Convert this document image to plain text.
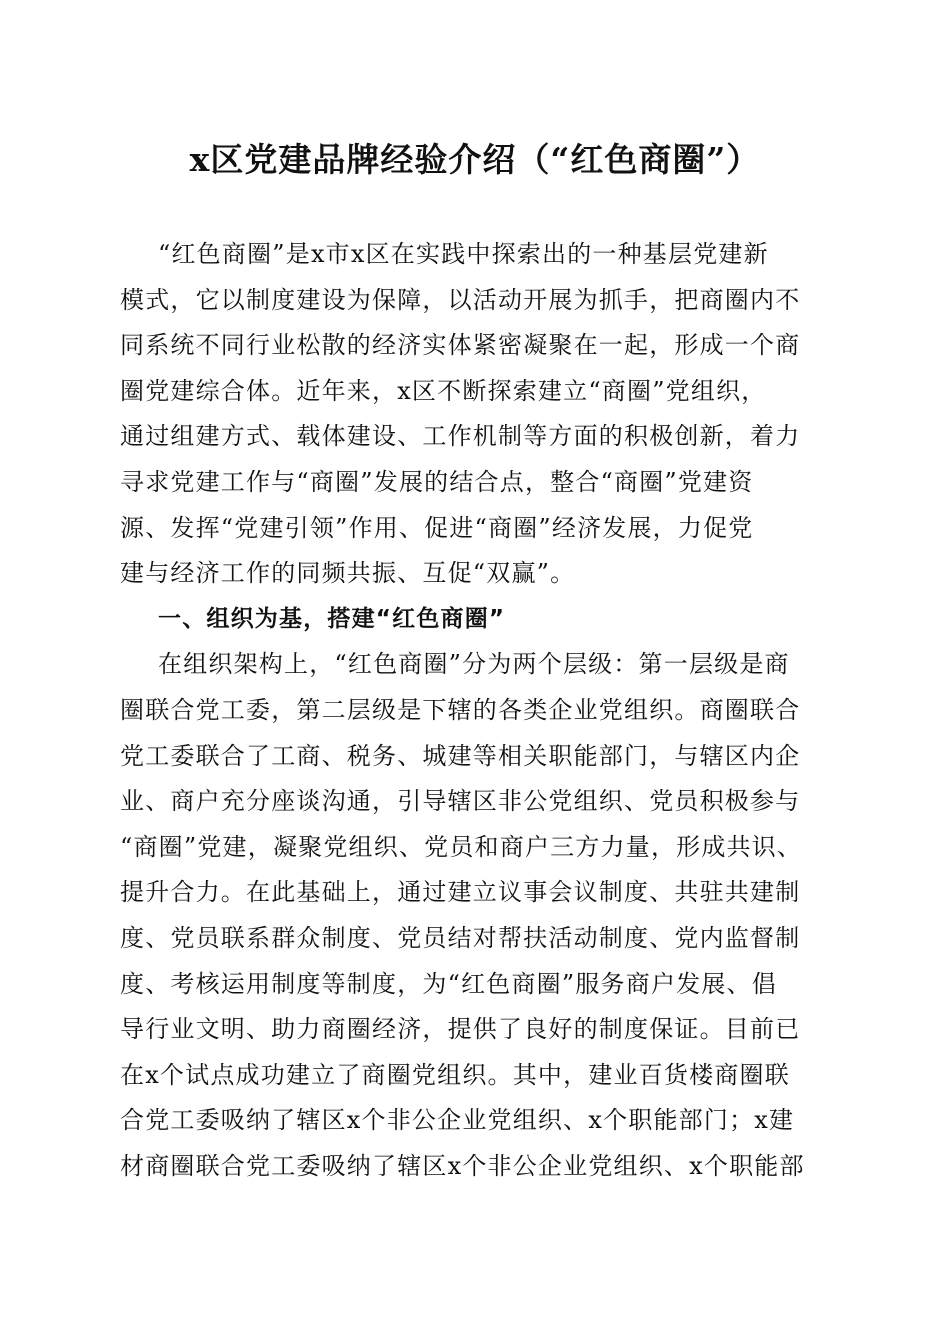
x区党建品牌经验介绍（“红色商圈”）
“红色商圈”是x市x区在实践中探索出的一种基层党建新
模式，它以制度建设为保障，以活动开展为抓手，把商圈内不
同系统不同行业松散的经济实体紧密凝聚在一起，形成一个商
圈党建综合体。近年来，x区不断探索建立“商圈”党组织，
通过组建方式、载体建设、工作机制等方面的积极创新，着力
寻求党建工作与“商圈”发展的结合点，整合“商圈”党建资
源、发挥“党建引领”作用、促进“商圈”经济发展，力促党
建与经济工作的同频共振、互促“双赢”。
一、组织为基，搭建“红色商圈”
在组织架构上，“红色商圈”分为两个层级：第一层级是商
圈联合党工委，第二层级是下辖的各类企业党组织。商圈联合
党工委联合了工商、税务、城建等相关职能部门，与辖区内企
业、商户充分座谈沟通，引导辖区非公党组织、党员积极参与
“商圈”党建，凝聚党组织、党员和商户三方力量，形成共识、
提升合力。在此基础上，通过建立议事会议制度、共驻共建制
度、党员联系群众制度、党员结对帮扶活动制度、党内监督制
度、考核运用制度等制度，为“红色商圈”服务商户发展、倡
导行业文明、助力商圈经济，提供了良好的制度保证。目前已
在x个试点成功建立了商圈党组织。其中，建业百货楼商圈联
合党工委吸纳了辖区x个非公企业党组织、x个职能部门；x建
材商圈联合党工委吸纳了辖区x个非公企业党组织、x个职能部
